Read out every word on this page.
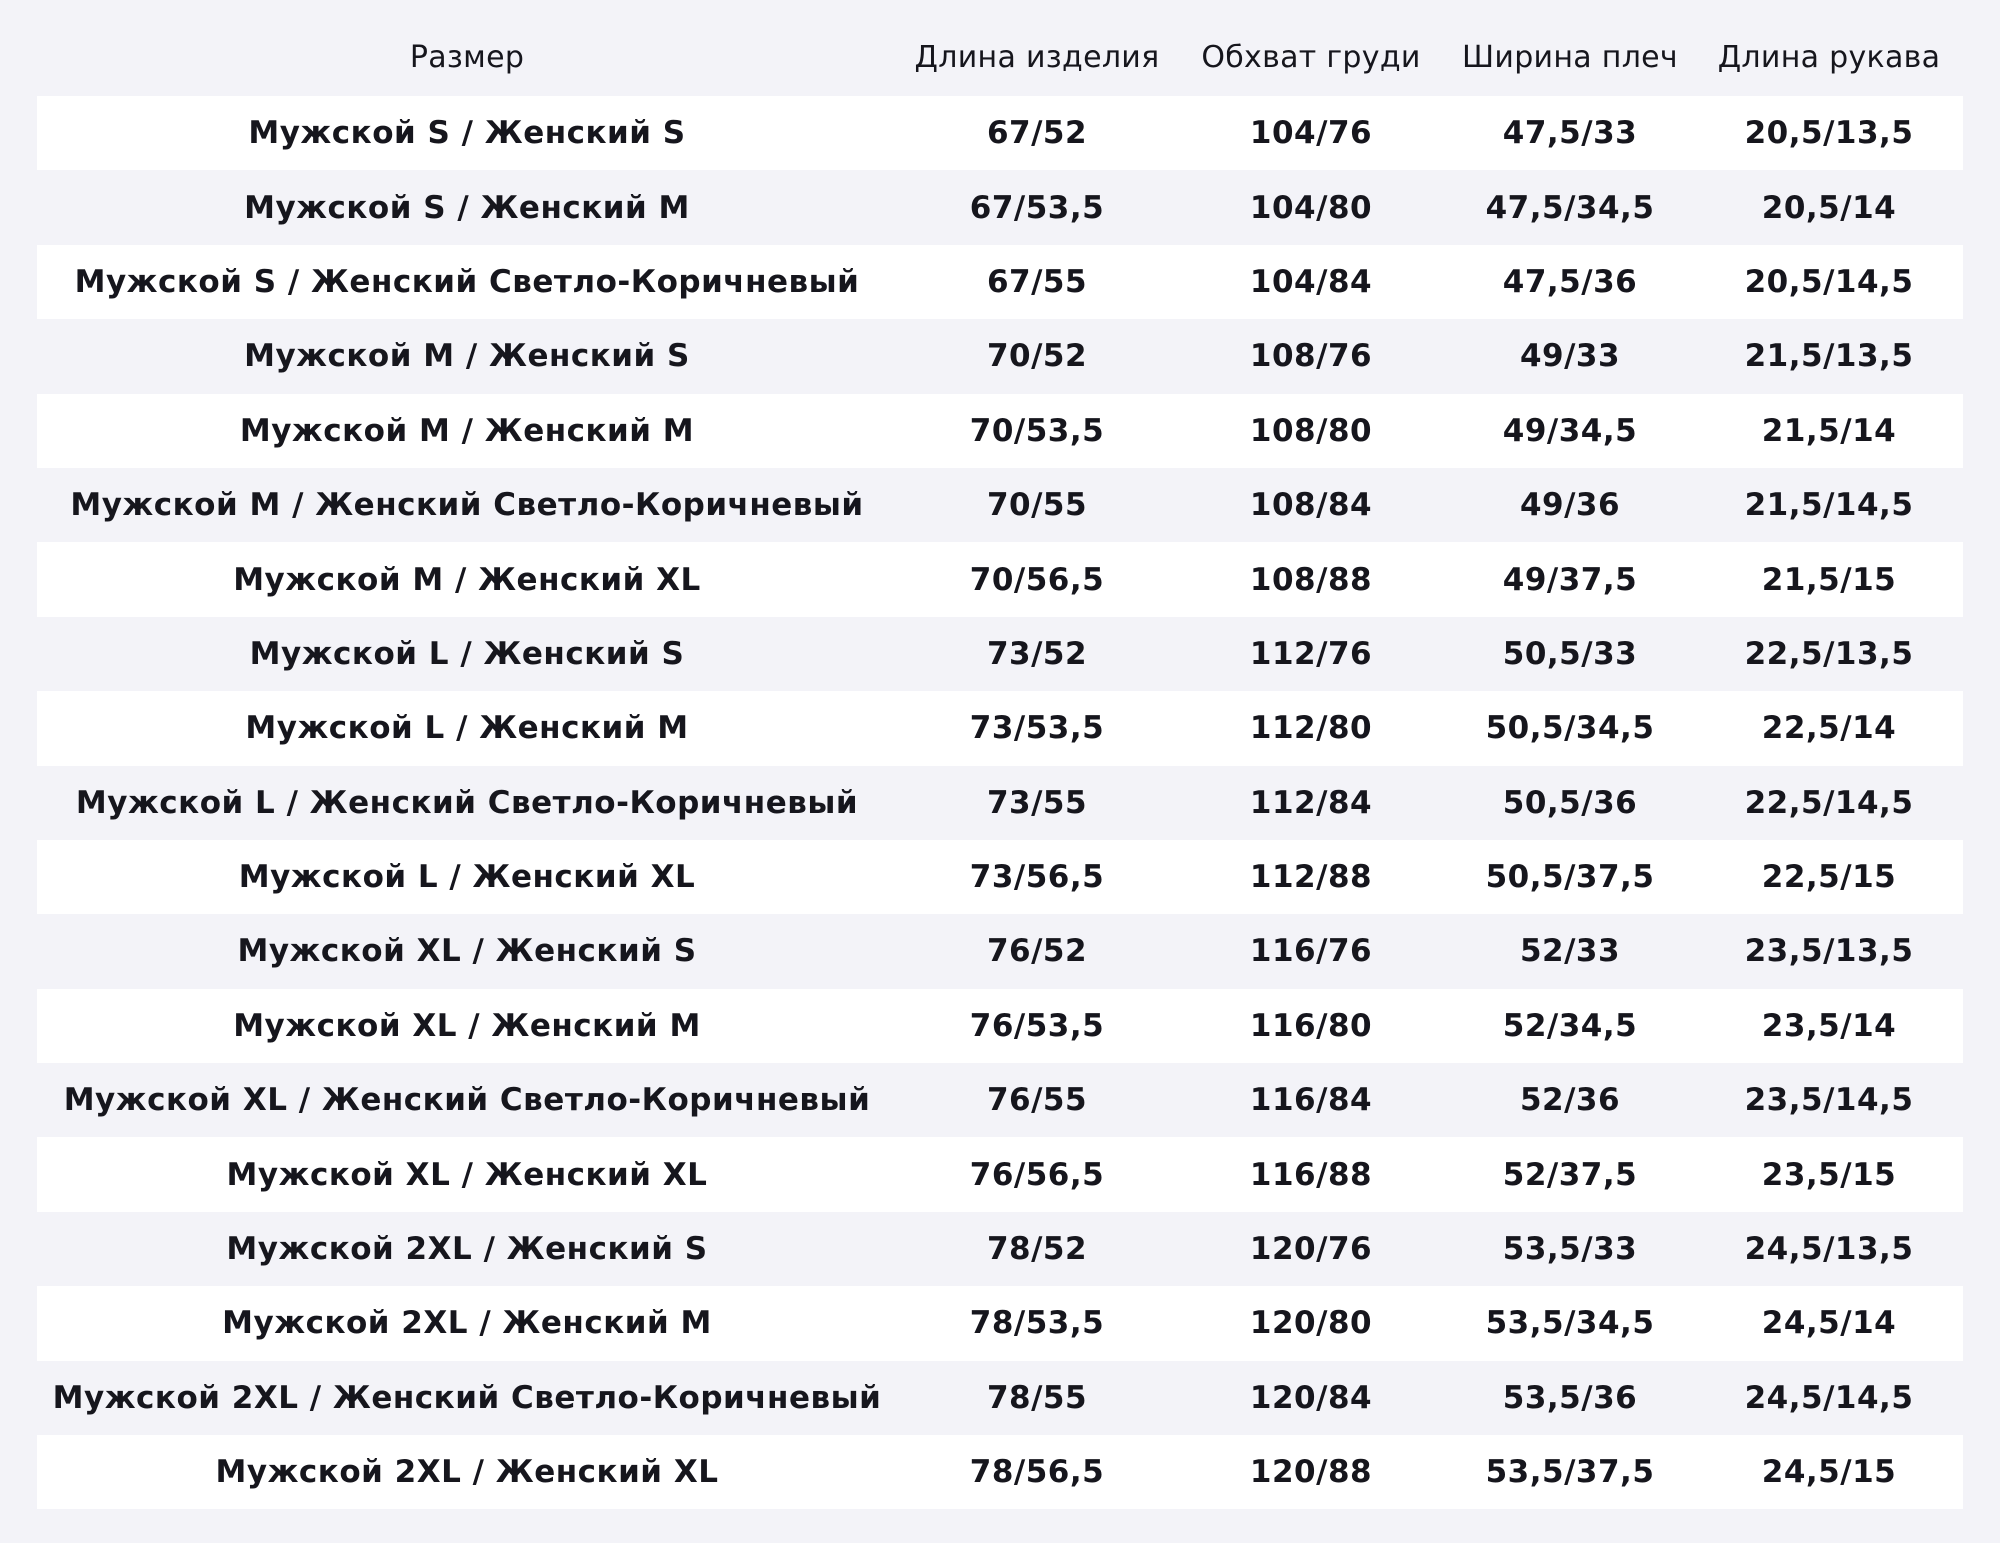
Размер	Длина изделия	Обхват груди	Ширина плеч	Длина рукава
Мужской S / Женский S	67/52	104/76	47,5/33	20,5/13,5
Мужской S / Женский M	67/53,5	104/80	47,5/34,5	20,5/14
Мужской S / Женский Светло-Коричневый	67/55	104/84	47,5/36	20,5/14,5
Мужской M / Женский S	70/52	108/76	49/33	21,5/13,5
Мужской M / Женский M	70/53,5	108/80	49/34,5	21,5/14
Мужской M / Женский Светло-Коричневый	70/55	108/84	49/36	21,5/14,5
Мужской M / Женский XL	70/56,5	108/88	49/37,5	21,5/15
Мужской L / Женский S	73/52	112/76	50,5/33	22,5/13,5
Мужской L / Женский M	73/53,5	112/80	50,5/34,5	22,5/14
Мужской L / Женский Светло-Коричневый	73/55	112/84	50,5/36	22,5/14,5
Мужской L / Женский XL	73/56,5	112/88	50,5/37,5	22,5/15
Мужской XL / Женский S	76/52	116/76	52/33	23,5/13,5
Мужской XL / Женский M	76/53,5	116/80	52/34,5	23,5/14
Мужской XL / Женский Светло-Коричневый	76/55	116/84	52/36	23,5/14,5
Мужской XL / Женский XL	76/56,5	116/88	52/37,5	23,5/15
Мужской 2XL / Женский S	78/52	120/76	53,5/33	24,5/13,5
Мужской 2XL / Женский M	78/53,5	120/80	53,5/34,5	24,5/14
Мужской 2XL / Женский Светло-Коричневый	78/55	120/84	53,5/36	24,5/14,5
Мужской 2XL / Женский XL	78/56,5	120/88	53,5/37,5	24,5/15
